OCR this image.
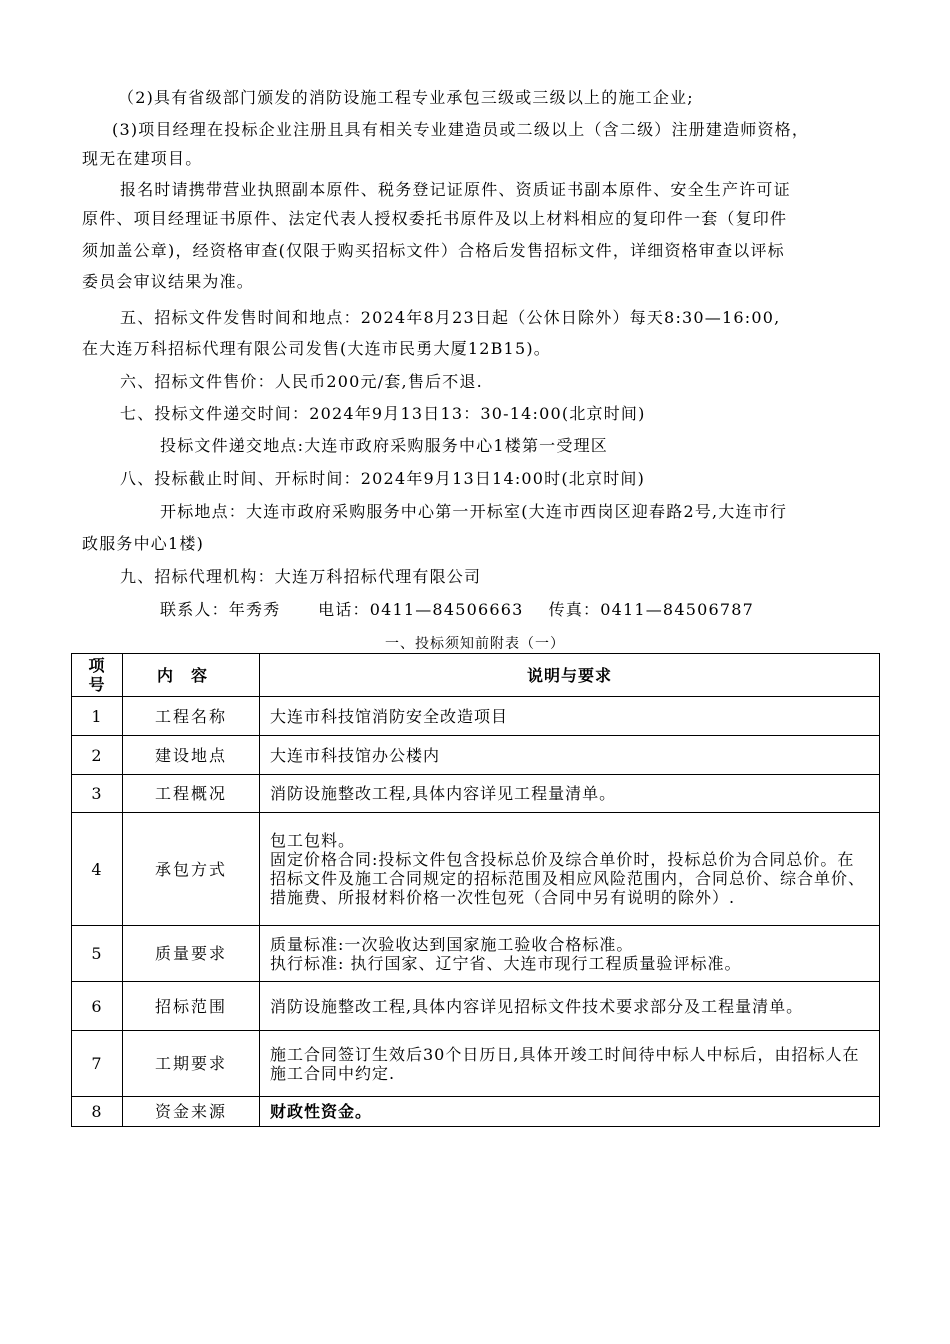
（2)具有省级部门颁发的消防设施工程专业承包三级或三级以上的施工企业;
(3)项目经理在投标企业注册且具有相关专业建造员或二级以上（含二级）注册建造师资格，
现无在建项目。
报名时请携带营业执照副本原件、税务登记证原件、资质证书副本原件、安全生产许可证
原件、项目经理证书原件、法定代表人授权委托书原件及以上材料相应的复印件一套（复印件
须加盖公章)，经资格审查(仅限于购买招标文件）合格后发售招标文件，详细资格审查以评标
委员会审议结果为准。
五、招标文件发售时间和地点：2024年8月23日起（公休日除外）每天8:30—16:00,
在大连万科招标代理有限公司发售(大连市民勇大厦12B15)。
六、招标文件售价：人民币200元/套,售后不退.
七、投标文件递交时间：2024年9月13日13：30-14:00(北京时间)
投标文件递交地点:大连市政府采购服务中心1楼第一受理区
八、投标截止时间、开标时间：2024年9月13日14:00时(北京时间)
开标地点：大连市政府采购服务中心第一开标室(大连市西岗区迎春路2号,大连市行
政服务中心1楼)
九、招标代理机构：大连万科招标代理有限公司
联系人：年秀秀      电话：0411—84506663    传真：0411—84506787
一、投标须知前附表（一）
项号	内容	说明与要求
1	工程名称	大连市科技馆消防安全改造项目
2	建设地点	大连市科技馆办公楼内
3	工程概况	消防设施整改工程,具体内容详见工程量清单。
4	承包方式	包工包料。
固定价格合同:投标文件包含投标总价及综合单价时，投标总价为合同总价。在招标文件及施工合同规定的招标范围及相应风险范围内，合同总价、综合单价、措施费、所报材料价格一次性包死（合同中另有说明的除外）.

5	质量要求	质量标准:一次验收达到国家施工验收合格标准。
执行标准: 执行国家、辽宁省、大连市现行工程质量验评标准。

6	招标范围	消防设施整改工程,具体内容详见招标文件技术要求部分及工程量清单。
7	工期要求	施工合同签订生效后30个日历日,具体开竣工时间待中标人中标后，由招标人在施工合同中约定.
8	资金来源	财政性资金。
